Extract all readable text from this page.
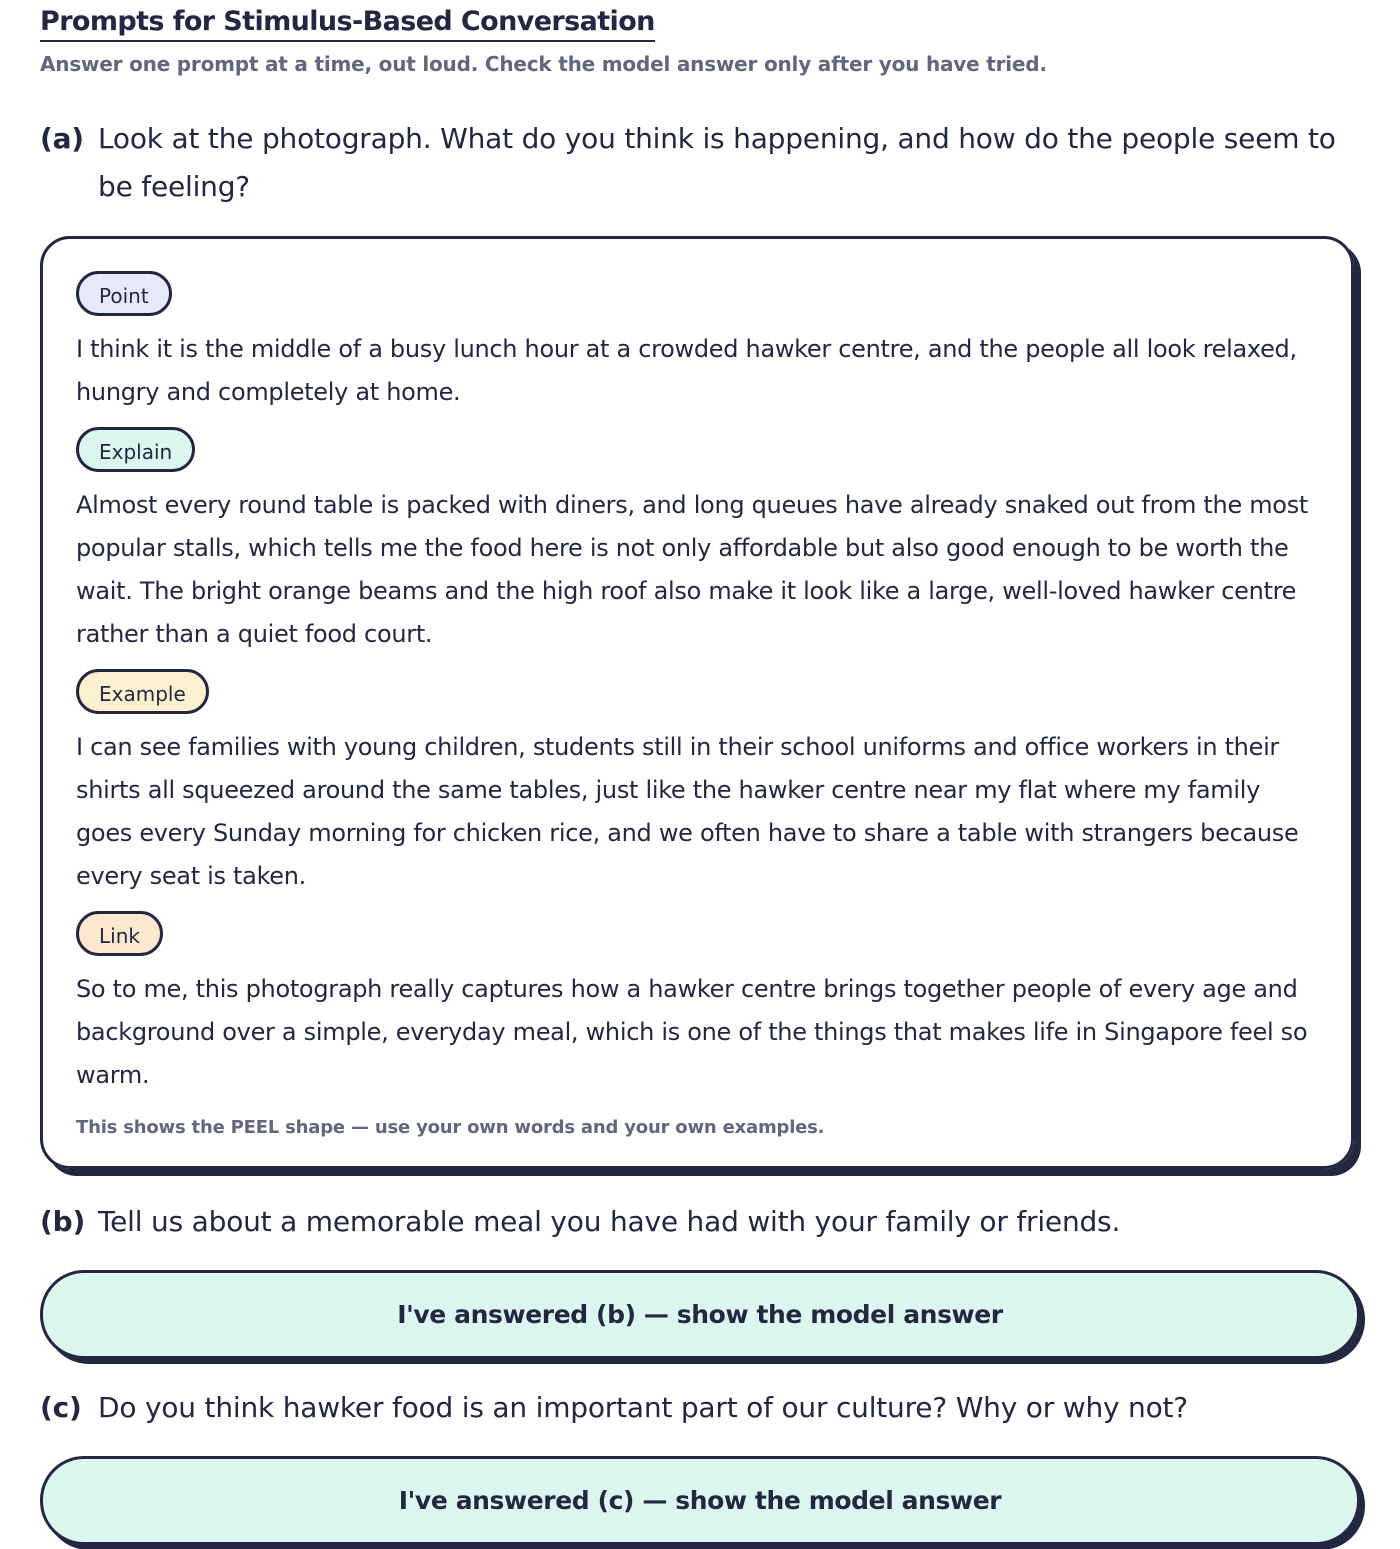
Prompts for Stimulus-Based Conversation

Answer one prompt at a time, out loud. Check the model answer only after you have tried.

(a) Look at the photograph. What do you think is happening, and how do the people seem to be feeling?
Point

I think it is the middle of a busy lunch hour at a crowded hawker centre, and the people all look relaxed, hungry and completely at home.

Explain

Almost every round table is packed with diners, and long queues have already snaked out from the most popular stalls, which tells me the food here is not only affordable but also good enough to be worth the wait. The bright orange beams and the high roof also make it look like a large, well-loved hawker centre rather than a quiet food court.

Example

I can see families with young children, students still in their school uniforms and office workers in their shirts all squeezed around the same tables, just like the hawker centre near my flat where my family goes every Sunday morning for chicken rice, and we often have to share a table with strangers because every seat is taken.

Link

So to me, this photograph really captures how a hawker centre brings together people of every age and background over a simple, everyday meal, which is one of the things that makes life in Singapore feel so warm.

This shows the PEEL shape — use your own words and your own examples.
(b) Tell us about a memorable meal you have had with your family or friends.
I've answered (b) — show the model answer
(c) Do you think hawker food is an important part of our culture? Why or why not?
I've answered (c) — show the model answer
